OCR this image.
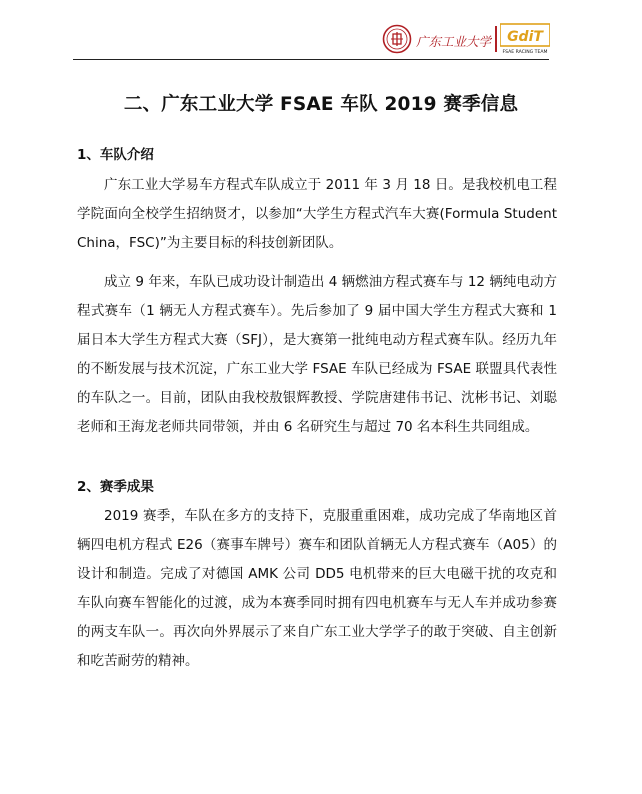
广东工业大学 GdiT
FSAE RACING TEAM
二、广东工业大学 FSAE 车队 2019 赛季信息
1、车队介绍

广东工业大学易车方程式车队成立于 2011 年 3 月 18 日。是我校机电工程学院面向全校学生招纳贤才，以参加“大学生方程式汽车大赛(Formula Student China，FSC)”为主要目标的科技创新团队。

成立 9 年来，车队已成功设计制造出 4 辆燃油方程式赛车与 12 辆纯电动方程式赛车（1 辆无人方程式赛车）。先后参加了 9 届中国大学生方程式大赛和 1 届日本大学生方程式大赛（SFJ），是大赛第一批纯电动方程式赛车队。经历九年的不断发展与技术沉淀，广东工业大学 FSAE 车队已经成为 FSAE 联盟具代表性的车队之一。目前，团队由我校敖银辉教授、学院唐建伟书记、沈彬书记、刘聪老师和王海龙老师共同带领，并由 6 名研究生与超过 70 名本科生共同组成。

2、赛季成果

2019 赛季，车队在多方的支持下，克服重重困难，成功完成了华南地区首辆四电机方程式 E26（赛事车牌号）赛车和团队首辆无人方程式赛车（A05）的设计和制造。完成了对德国 AMK 公司 DD5 电机带来的巨大电磁干扰的攻克和车队向赛车智能化的过渡，成为本赛季同时拥有四电机赛车与无人车并成功参赛的两支车队一。再次向外界展示了来自广东工业大学学子的敢于突破、自主创新和吃苦耐劳的精神。
